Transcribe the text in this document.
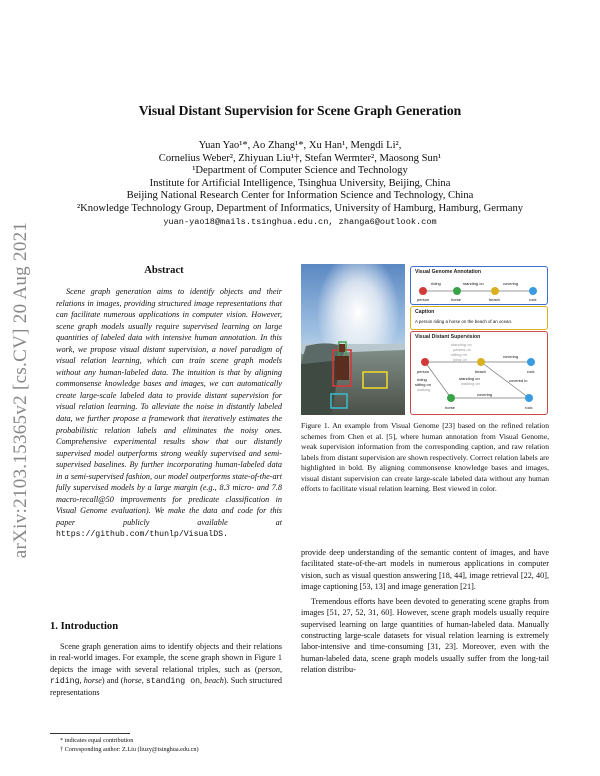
arXiv:2103.15365v2 [cs.CV] 20 Aug 2021
Visual Distant Supervision for Scene Graph Generation
Yuan Yao¹*, Ao Zhang¹*, Xu Han¹, Mengdi Li²,
Cornelius Weber², Zhiyuan Liu¹†, Stefan Wermter², Maosong Sun¹
¹Department of Computer Science and Technology
Institute for Artificial Intelligence, Tsinghua University, Beijing, China
Beijing National Research Center for Information Science and Technology, China
²Knowledge Technology Group, Department of Informatics, University of Hamburg, Hamburg, Germany
yuan-yao18@mails.tsinghua.edu.cn, zhanga6@outlook.com
Abstract
Scene graph generation aims to identify objects and their relations in images, providing structured image representations that can facilitate numerous applications in computer vision. However, scene graph models usually require supervised learning on large quantities of labeled data with intensive human annotation. In this work, we propose visual distant supervision, a novel paradigm of visual relation learning, which can train scene graph models without any human-labeled data. The intuition is that by aligning commonsense knowledge bases and images, we can automatically create large-scale labeled data to provide distant supervision for visual relation learning. To alleviate the noise in distantly labeled data, we further propose a framework that iteratively estimates the probabilistic relation labels and eliminates the noisy ones. Comprehensive experimental results show that our distantly supervised model outperforms strong weakly supervised and semi-supervised baselines. By further incorporating human-labeled data in a semi-supervised fashion, our model outperforms state-of-the-art fully supervised models by a large margin (e.g., 8.3 micro- and 7.8 macro-recall@50 improvements for predicate classification in Visual Genome evaluation). We make the data and code for this paper publicly available at https://github.com/thunlp/VisualDS.
1. Introduction
Scene graph generation aims to identify objects and their relations in real-world images. For example, the scene graph shown in Figure 1 depicts the image with several relational triples, such as (person, riding, horse) and (horse, standing on, beach). Such structured representations
* indicates equal contribution
† Corresponding author: Z.Liu (liuzy@tsinghua.edu.cn)
Visual Genome Annotation
riding	standing on	covering
person	horse	beach	rock
Caption
A person riding a horse on the beach of an ocean.
Visual Distant Supervision
standing on
parked on
sitting on
lying on
covering
person	beach	rock
riding
sitting on
walking
standing on
walking on
covered in
covering
horse	rock
Figure 1. An example from Visual Genome [23] based on the refined relation schemes from Chen et al. [5], where human annotation from Visual Genome, weak supervision information from the corresponding caption, and raw relation labels from distant supervision are shown respectively. Correct relation labels are highlighted in bold. By aligning commonsense knowledge bases and images, visual distant supervision can create large-scale labeled data without any human efforts to facilitate visual relation learning. Best viewed in color.

provide deep understanding of the semantic content of images, and have facilitated state-of-the-art models in numerous applications in computer vision, such as visual question answering [18, 44], image retrieval [22, 40], image captioning [53, 13] and image generation [21].

Tremendous efforts have been devoted to generating scene graphs from images [51, 27, 52, 31, 60]. However, scene graph models usually require supervised learning on large quantities of human-labeled data. Manually constructing large-scale datasets for visual relation learning is extremely labor-intensive and time-consuming [31, 23]. Moreover, even with the human-labeled data, scene graph models usually suffer from the long-tail relation distribu-
